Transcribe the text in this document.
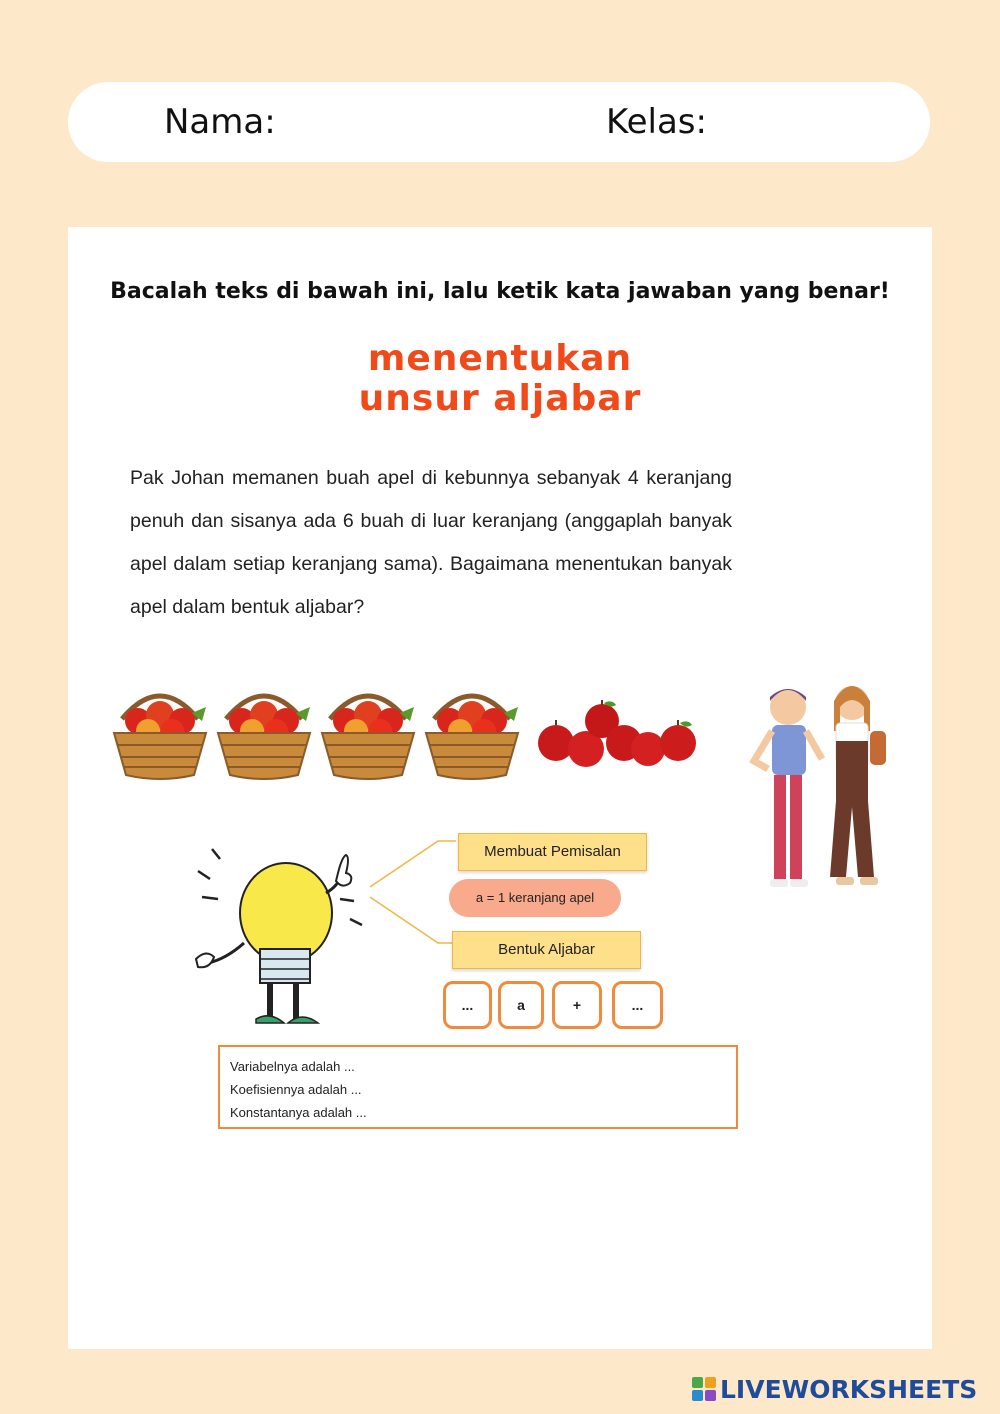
Nama:	Kelas:
Bacalah teks di bawah ini, lalu ketik kata jawaban yang benar!
menentukan
unsur aljabar
Pak Johan memanen buah apel di kebunnya sebanyak 4 keranjang penuh dan sisanya ada 6 buah di luar keranjang (anggaplah banyak apel dalam setiap keranjang sama). Bagaimana menentukan banyak apel dalam bentuk aljabar?
Membuat Pemisalan
a = 1 keranjang apel
Bentuk Aljabar
...	a	+	...
Variabelnya adalah ...
Koefisiennya adalah ...
Konstantanya adalah ...
LIVEWORKSHEETS
